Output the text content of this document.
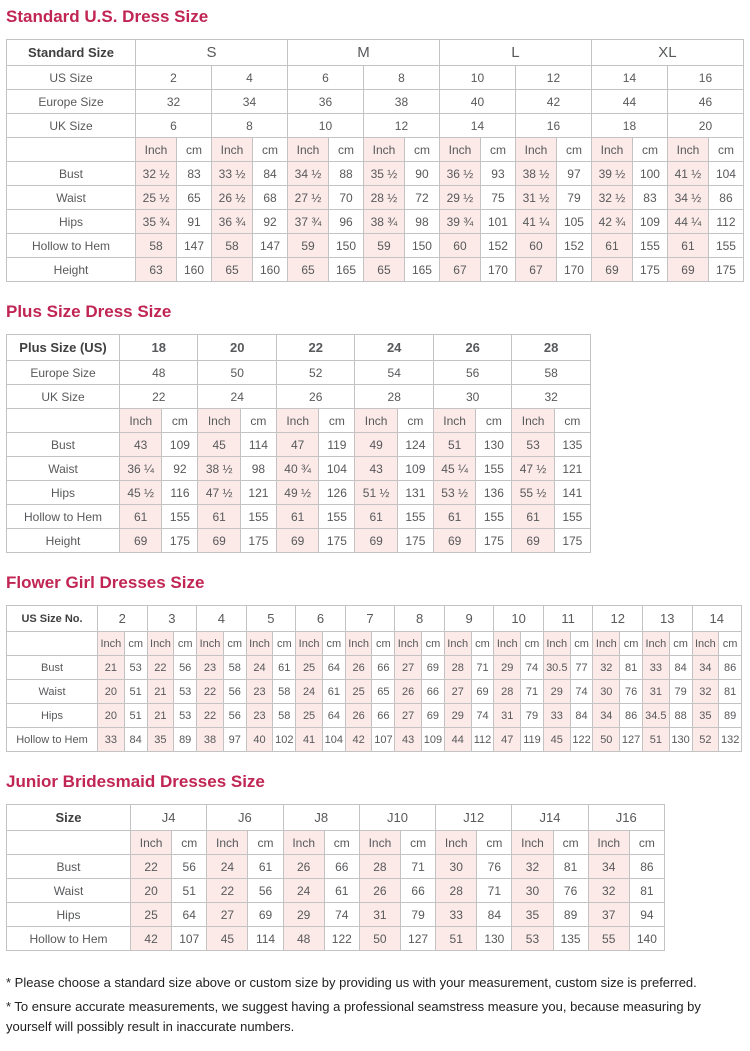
Standard U.S. Dress Size
Standard Size	S				M				L				XL			
US Size	2		4		6		8		10		12		14		16	
Europe Size	32		34		36		38		40		42		44		46	
UK Size	6		8		10		12		14		16		18		20	
	Inch	cm	Inch	cm	Inch	cm	Inch	cm	Inch	cm	Inch	cm	Inch	cm	Inch	cm
Bust	32 ½	83	33 ½	84	34 ½	88	35 ½	90	36 ½	93	38 ½	97	39 ½	100	41 ½	104
Waist	25 ½	65	26 ½	68	27 ½	70	28 ½	72	29 ½	75	31 ½	79	32 ½	83	34 ½	86
Hips	35 ¾	91	36 ¾	92	37 ¾	96	38 ¾	98	39 ¾	101	41 ¼	105	42 ¾	109	44 ¼	112
Hollow to Hem	58	147	58	147	59	150	59	150	60	152	60	152	61	155	61	155
Height	63	160	65	160	65	165	65	165	67	170	67	170	69	175	69	175
Plus Size Dress Size
Plus Size (US)	18		20		22		24		26		28	
Europe Size	48		50		52		54		56		58	
UK Size	22		24		26		28		30		32	
	Inch	cm	Inch	cm	Inch	cm	Inch	cm	Inch	cm	Inch	cm
Bust	43	109	45	114	47	119	49	124	51	130	53	135
Waist	36 ¼	92	38 ½	98	40 ¾	104	43	109	45 ¼	155	47 ½	121
Hips	45 ½	116	47 ½	121	49 ½	126	51 ½	131	53 ½	136	55 ½	141
Hollow to Hem	61	155	61	155	61	155	61	155	61	155	61	155
Height	69	175	69	175	69	175	69	175	69	175	69	175
Flower Girl Dresses Size
US Size No.	2		3		4		5		6		7		8		9		10		11		12		13		14	
	Inch	cm	Inch	cm	Inch	cm	Inch	cm	Inch	cm	Inch	cm	Inch	cm	Inch	cm	Inch	cm	Inch	cm	Inch	cm	Inch	cm	Inch	cm
Bust	21	53	22	56	23	58	24	61	25	64	26	66	27	69	28	71	29	74	30.5	77	32	81	33	84	34	86
Waist	20	51	21	53	22	56	23	58	24	61	25	65	26	66	27	69	28	71	29	74	30	76	31	79	32	81
Hips	20	51	21	53	22	56	23	58	25	64	26	66	27	69	29	74	31	79	33	84	34	86	34.5	88	35	89
Hollow to Hem	33	84	35	89	38	97	40	102	41	104	42	107	43	109	44	112	47	119	45	122	50	127	51	130	52	132
Junior Bridesmaid Dresses Size
Size	J4		J6		J8		J10		J12		J14		J16	
	Inch	cm	Inch	cm	Inch	cm	Inch	cm	Inch	cm	Inch	cm	Inch	cm
Bust	22	56	24	61	26	66	28	71	30	76	32	81	34	86
Waist	20	51	22	56	24	61	26	66	28	71	30	76	32	81
Hips	25	64	27	69	29	74	31	79	33	84	35	89	37	94
Hollow to Hem	42	107	45	114	48	122	50	127	51	130	53	135	55	140

* Please choose a standard size above or custom size by providing us with your measurement, custom size is preferred.

* To ensure accurate measurements, we suggest having a professional seamstress measure you, because measuring by yourself will possibly result in inaccurate numbers.
